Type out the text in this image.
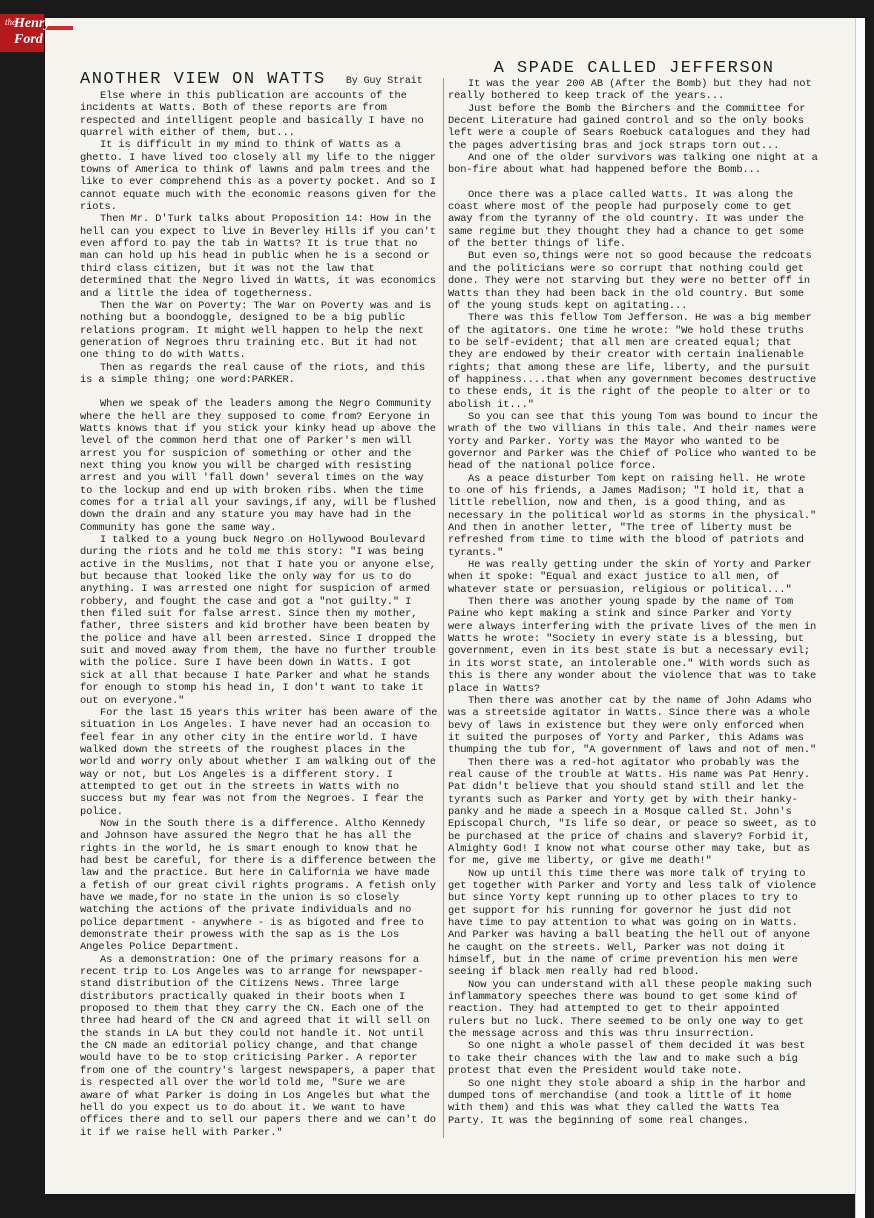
the
Henry
Ford
ANOTHER VIEW ON WATTS By Guy Strait

Else where in this publication are accounts of the incidents at Watts. Both of these reports are from respected and intelligent people and basically I have no quarrel with either of them, but...

It is difficult in my mind to think of Watts as a ghetto. I have lived too closely all my life to the nigger towns of America to think of lawns and palm trees and the like to ever comprehend this as a poverty pocket. And so I cannot equate much with the economic reasons given for the riots.

Then Mr. D'Turk talks about Proposition 14: How in the hell can you expect to live in Beverley Hills if you can't even afford to pay the tab in Watts? It is true that no man can hold up his head in public when he is a second or third class citizen, but it was not the law that determined that the Negro lived in Watts, it was economics and a little the idea of togetherness.

Then the War on Poverty: The War on Poverty was and is nothing but a boondoggle, designed to be a big public relations program. It might well happen to help the next generation of Negroes thru training etc. But it had not one thing to do with Watts.

Then as regards the real cause of the riots, and this is a simple thing; one word:PARKER.

When we speak of the leaders among the Negro Community where the hell are they supposed to come from? Eeryone in Watts knows that if you stick your kinky head up above the level of the common herd that one of Parker's men will arrest you for suspicion of something or other and the next thing you know you will be charged with resisting arrest and you will 'fall down' several times on the way to the lockup and end up with broken ribs. When the time comes for a trial all your savings,if any, will be flushed down the drain and any stature you may have had in the Community has gone the same way.

I talked to a young buck Negro on Hollywood Boulevard during the riots and he told me this story: "I was being active in the Muslims, not that I hate you or anyone else, but because that looked like the only way for us to do anything. I was arrested one night for suspicion of armed robbery, and fought the case and got a "not guilty." I then filed suit for false arrest. Since then my mother, father, three sisters and kid brother have been beaten by the police and have all been arrested. Since I dropped the suit and moved away from them, the have no further trouble with the police. Sure I have been down in Watts. I got sick at all that because I hate Parker and what he stands for enough to stomp his head in, I don't want to take it out on everyone."

For the last 15 years this writer has been aware of the situation in Los Angeles. I have never had an occasion to feel fear in any other city in the entire world. I have walked down the streets of the roughest places in the world and worry only about whether I am walking out of the way or not, but Los Angeles is a different story. I attempted to get out in the streets in Watts with no success but my fear was not from the Negroes. I fear the police.

Now in the South there is a difference. Altho Kennedy and Johnson have assured the Negro that he has all the rights in the world, he is smart enough to know that he had best be careful, for there is a difference between the law and the practice. But here in California we have made a fetish of our great civil rights programs. A fetish only have we made,for no state in the union is so closely watching the actions of the private individuals and no police department - anywhere - is as bigoted and free to demonstrate their prowess with the sap as is the Los Angeles Police Department.

As a demonstration: One of the primary reasons for a recent trip to Los Angeles was to arrange for newspaper-stand distribution of the Citizens News. Three large distributors practically quaked in their boots when I proposed to them that they carry the CN. Each one of the three had heard of the CN and agreed that it will sell on the stands in LA but they could not handle it. Not until the CN made an editorial policy change, and that change would have to be to stop criticising Parker. A reporter from one of the country's largest newspapers, a paper that is respected all over the world told me, "Sure we are aware of what Parker is doing in Los Angeles but what the hell do you expect us to do about it. We want to have offices there and to sell our papers there and we can't do it if we raise hell with Parker."

A SPADE CALLED JEFFERSON

It was the year 200 AB (After the Bomb) but they had not really bothered to keep track of the years...

Just before the Bomb the Birchers and the Committee for Decent Literature had gained control and so the only books left were a couple of Sears Roebuck catalogues and they had the pages advertising bras and jock straps torn out...

And one of the older survivors was talking one night at a bon-fire about what had happened before the Bomb...

Once there was a place called Watts. It was along the coast where most of the people had purposely come to get away from the tyranny of the old country. It was under the same regime but they thought they had a chance to get some of the better things of life.

But even so,things were not so good because the redcoats and the politicians were so corrupt that nothing could get done. They were not starving but they were no better off in Watts than they had been back in the old country. But some of the young studs kept on agitating...

There was this fellow Tom Jefferson. He was a big member of the agitators. One time he wrote: "We hold these truths to be self-evident; that all men are created equal; that they are endowed by their creator with certain inalienable rights; that among these are life, liberty, and the pursuit of happiness....that when any government becomes destructive to these ends, it is the right of the people to alter or to abolish it..."

So you can see that this young Tom was bound to incur the wrath of the two villians in this tale. And their names were Yorty and Parker. Yorty was the Mayor who wanted to be governor and Parker was the Chief of Police who wanted to be head of the national police force.

As a peace disturber Tom kept on raising hell. He wrote to one of his friends, a James Madison; "I hold it, that a little rebellion, now and then, is a good thing, and as necessary in the political world as storms in the physical." And then in another letter, "The tree of liberty must be refreshed from time to time with the blood of patriots and tyrants."

He was really getting under the skin of Yorty and Parker when it spoke: "Equal and exact justice to all men, of whatever state or persuasion, religious or political..."

Then there was another young spade by the name of Tom Paine who kept making a stink and since Parker and Yorty were always interfering with the private lives of the men in Watts he wrote: "Society in every state is a blessing, but government, even in its best state is but a necessary evil; in its worst state, an intolerable one." With words such as this is there any wonder about the violence that was to take place in Watts?

Then there was another cat by the name of John Adams who was a streetside agitator in Watts. Since there was a whole bevy of laws in existence but they were only enforced when it suited the purposes of Yorty and Parker, this Adams was thumping the tub for, "A government of laws and not of men."

Then there was a red-hot agitator who probably was the real cause of the trouble at Watts. His name was Pat Henry. Pat didn't believe that you should stand still and let the tyrants such as Parker and Yorty get by with their hanky-panky and he made a speech in a Mosque called St. John's Episcopal Church, "Is life so dear, or peace so sweet, as to be purchased at the price of chains and slavery? Forbid it, Almighty God! I know not what course other may take, but as for me, give me liberty, or give me death!"

Now up until this time there was more talk of trying to get together with Parker and Yorty and less talk of violence but since Yorty kept running up to other places to try to get support for his running for governor he just did not have time to pay attention to what was going on in Watts. And Parker was having a ball beating the hell out of anyone he caught on the streets. Well, Parker was not doing it himself, but in the name of crime prevention his men were seeing if black men really had red blood.

Now you can understand with all these people making such inflammatory speeches there was bound to get some kind of reaction. They had attempted to get to their appointed rulers but no luck. There seemed to be only one way to get the message across and this was thru insurrection.

So one night a whole passel of them decided it was best to take their chances with the law and to make such a big protest that even the President would take note.

So one night they stole aboard a ship in the harbor and dumped tons of merchandise (and took a little of it home with them) and this was what they called the Watts Tea Party. It was the beginning of some real changes.
